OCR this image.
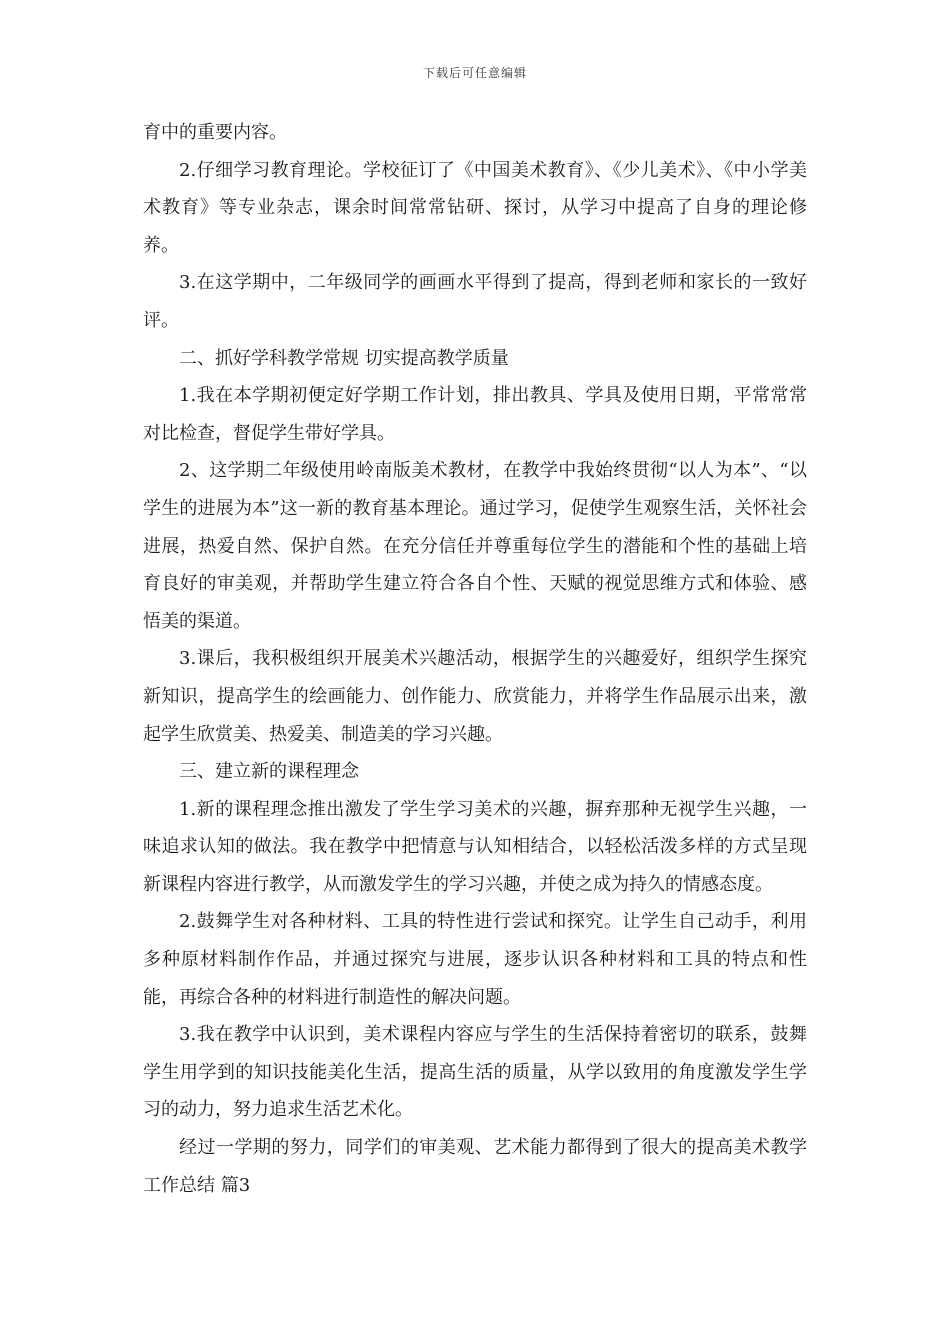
下载后可任意编辑

育中的重要内容。

2.仔细学习教育理论。学校征订了《中国美术教育》、《少儿美术》、《中小学美术教育》等专业杂志，课余时间常常钻研、探讨，从学习中提高了自身的理论修养。

3.在这学期中，二年级同学的画画水平得到了提高，得到老师和家长的一致好评。

二、抓好学科教学常规 切实提高教学质量

1.我在本学期初便定好学期工作计划，排出教具、学具及使用日期，平常常常对比检查，督促学生带好学具。

2、这学期二年级使用岭南版美术教材，在教学中我始终贯彻“以人为本”、“以学生的进展为本”这一新的教育基本理论。通过学习，促使学生观察生活，关怀社会进展，热爱自然、保护自然。在充分信任并尊重每位学生的潜能和个性的基础上培育良好的审美观，并帮助学生建立符合各自个性、天赋的视觉思维方式和体验、感悟美的渠道。

3.课后，我积极组织开展美术兴趣活动，根据学生的兴趣爱好，组织学生探究新知识，提高学生的绘画能力、创作能力、欣赏能力，并将学生作品展示出来，激起学生欣赏美、热爱美、制造美的学习兴趣。

三、建立新的课程理念

1.新的课程理念推出激发了学生学习美术的兴趣，摒弃那种无视学生兴趣，一味追求认知的做法。我在教学中把情意与认知相结合，以轻松活泼多样的方式呈现新课程内容进行教学，从而激发学生的学习兴趣，并使之成为持久的情感态度。

2.鼓舞学生对各种材料、工具的特性进行尝试和探究。让学生自己动手，利用多种原材料制作作品，并通过探究与进展，逐步认识各种材料和工具的特点和性能，再综合各种的材料进行制造性的解决问题。

3.我在教学中认识到，美术课程内容应与学生的生活保持着密切的联系，鼓舞学生用学到的知识技能美化生活，提高生活的质量，从学以致用的角度激发学生学习的动力，努力追求生活艺术化。

经过一学期的努力，同学们的审美观、艺术能力都得到了很大的提高美术教学工作总结 篇3
